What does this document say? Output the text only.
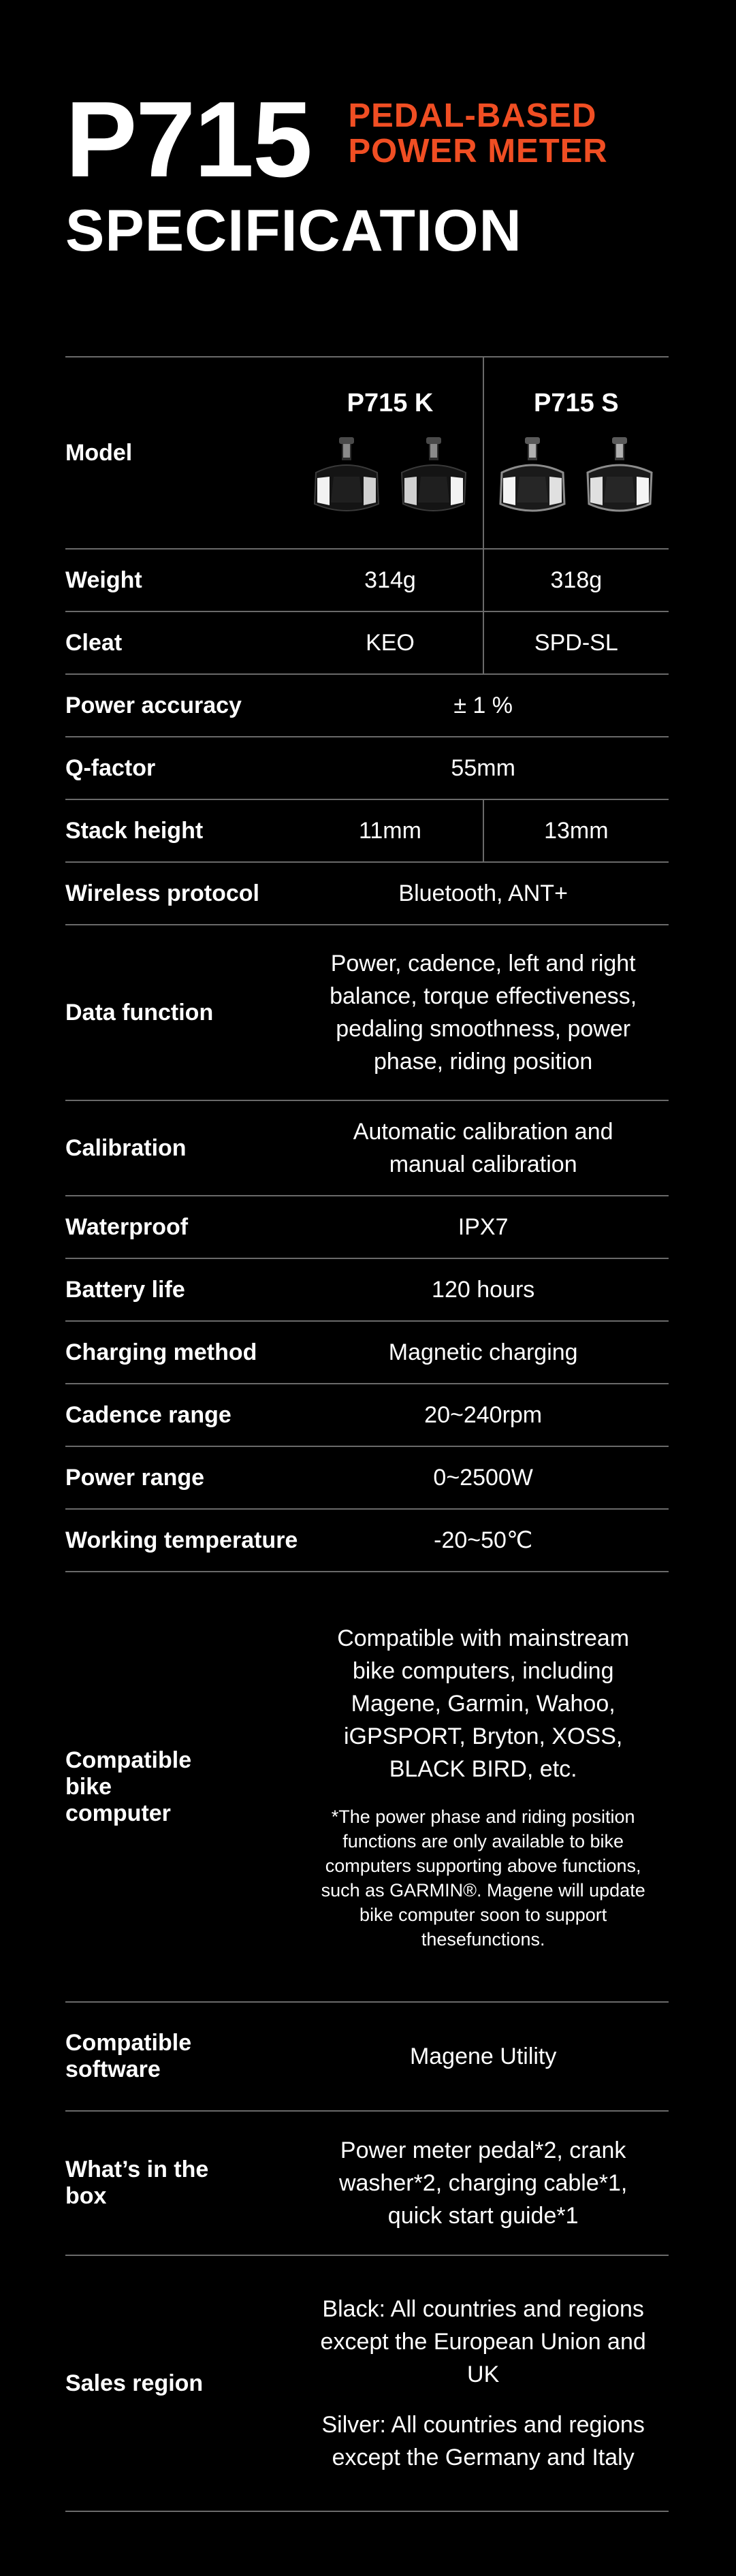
P715 PEDAL-BASED
POWER METER
SPECIFICATION
Model	P715 K	P715 S

Weight	314g	318g
Cleat	KEO	SPD-SL
Power accuracy	± 1 %	
Q-factor	55mm	
Stack height	11mm	13mm
Wireless protocol	Bluetooth, ANT+	
Data function	Power, cadence, left and right balance, torque effectiveness, pedaling smoothness, power phase, riding position	

Calibration	Automatic calibration and manual calibration	

Waterproof	IPX7	
Battery life	120 hours	
Charging method	Magnetic charging	
Cadence range	20~240rpm	
Power range	0~2500W	
Working temperature	-20~50℃	

Compatible bike computer	Compatible with mainstream bike computers, including Magene, Garmin, Wahoo, iGPSPORT, Bryton, XOSS, BLACK BIRD, etc.
*The power phase and riding position functions are only available to bike computers supporting above functions, such as GARMIN®. Magene will update bike computer soon to support thesefunctions.	

Compatible software	Magene Utility	

What’s in the box	Power meter pedal*2, crank washer*2, charging cable*1, quick start guide*1	

Sales region	Black: All countries and regions except the European Union and UK
Silver: All countries and regions except the Germany and Italy	
